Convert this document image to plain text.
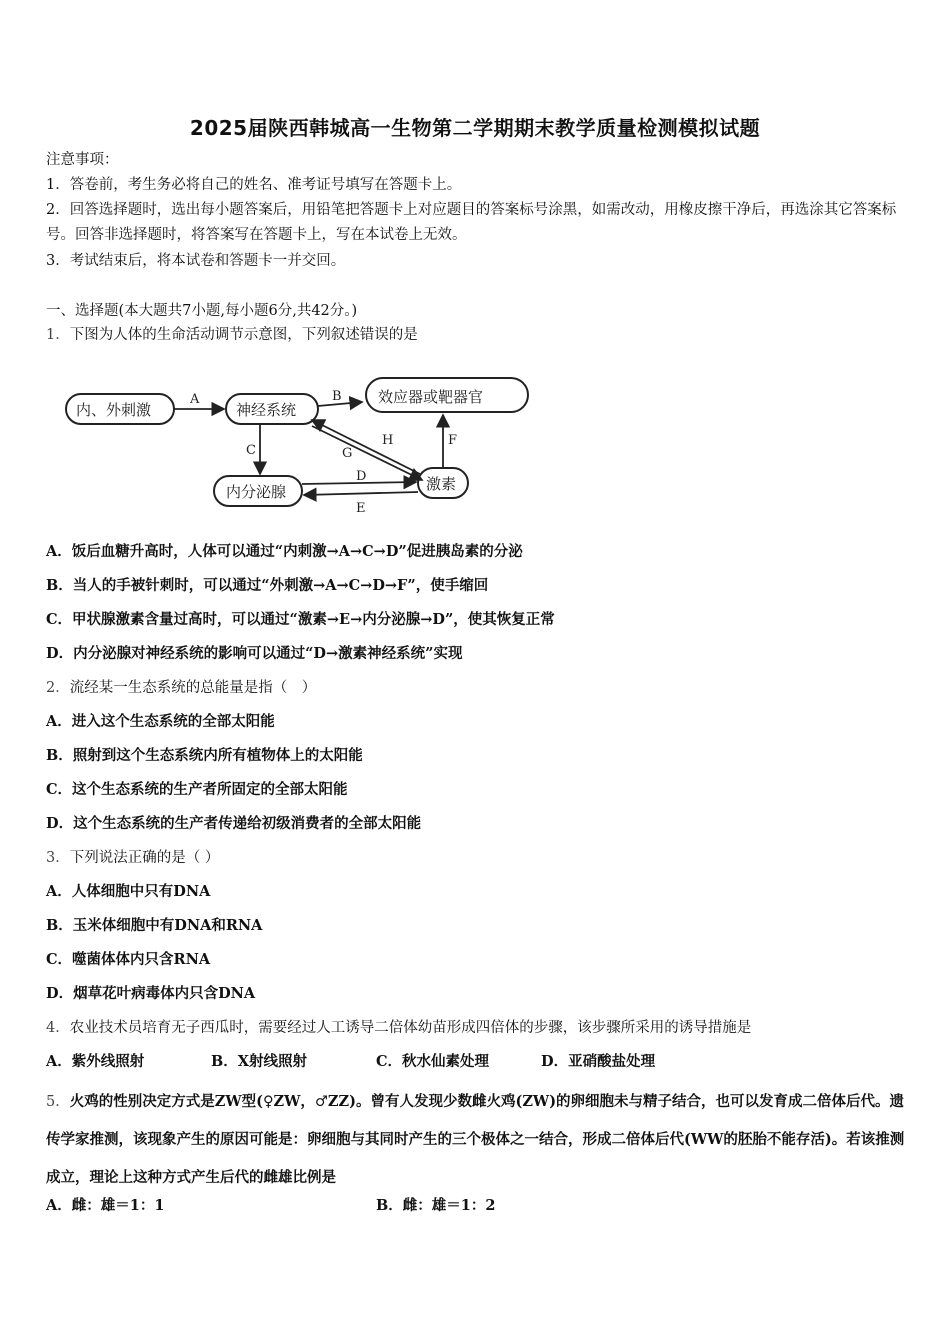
2025届陕西韩城高一生物第二学期期末教学质量检测模拟试题
注意事项：
1．答卷前，考生务必将自己的姓名、准考证号填写在答题卡上。
2．回答选择题时，选出每小题答案后，用铅笔把答题卡上对应题目的答案标号涂黑，如需改动，用橡皮擦干净后，再选涂其它答案标号。回答非选择题时，将答案写在答题卡上，写在本试卷上无效。
3．考试结束后，将本试卷和答题卡一并交回。
一、选择题(本大题共7小题,每小题6分,共42分。)
1．下图为人体的生命活动调节示意图，下列叙述错误的是
内、外刺激	神经系统
效应器或靶器官
内分泌腺	激素
A	B
C
D
E
F
G
H
A．饭后血糖升高时，人体可以通过“内刺激→A→C→D”促进胰岛素的分泌
B．当人的手被针刺时，可以通过“外刺激→A→C→D→F”，使手缩回
C．甲状腺激素含量过高时，可以通过“激素→E→内分泌腺→D”，使其恢复正常
D．内分泌腺对神经系统的影响可以通过“D→激素神经系统”实现
2．流经某一生态系统的总能量是指（　）
A．进入这个生态系统的全部太阳能
B．照射到这个生态系统内所有植物体上的太阳能
C．这个生态系统的生产者所固定的全部太阳能
D．这个生态系统的生产者传递给初级消费者的全部太阳能
3．下列说法正确的是（ ）
A．人体细胞中只有DNA
B．玉米体细胞中有DNA和RNA
C．噬菌体体内只含RNA
D．烟草花叶病毒体内只含DNA
4．农业技术员培育无子西瓜时，需要经过人工诱导二倍体幼苗形成四倍体的步骤，该步骤所采用的诱导措施是
A．紫外线照射	B．X射线照射	C．秋水仙素处理	D．亚硝酸盐处理
5．火鸡的性别决定方式是ZW型(♀ZW，♂ZZ)。曾有人发现少数雌火鸡(ZW)的卵细胞未与精子结合，也可以发育成二倍体后代。遗传学家推测，该现象产生的原因可能是：卵细胞与其同时产生的三个极体之一结合，形成二倍体后代(WW的胚胎不能存活)。若该推测成立，理论上这种方式产生后代的雌雄比例是
A．雌：雄＝1：1	B．雌：雄＝1：2
